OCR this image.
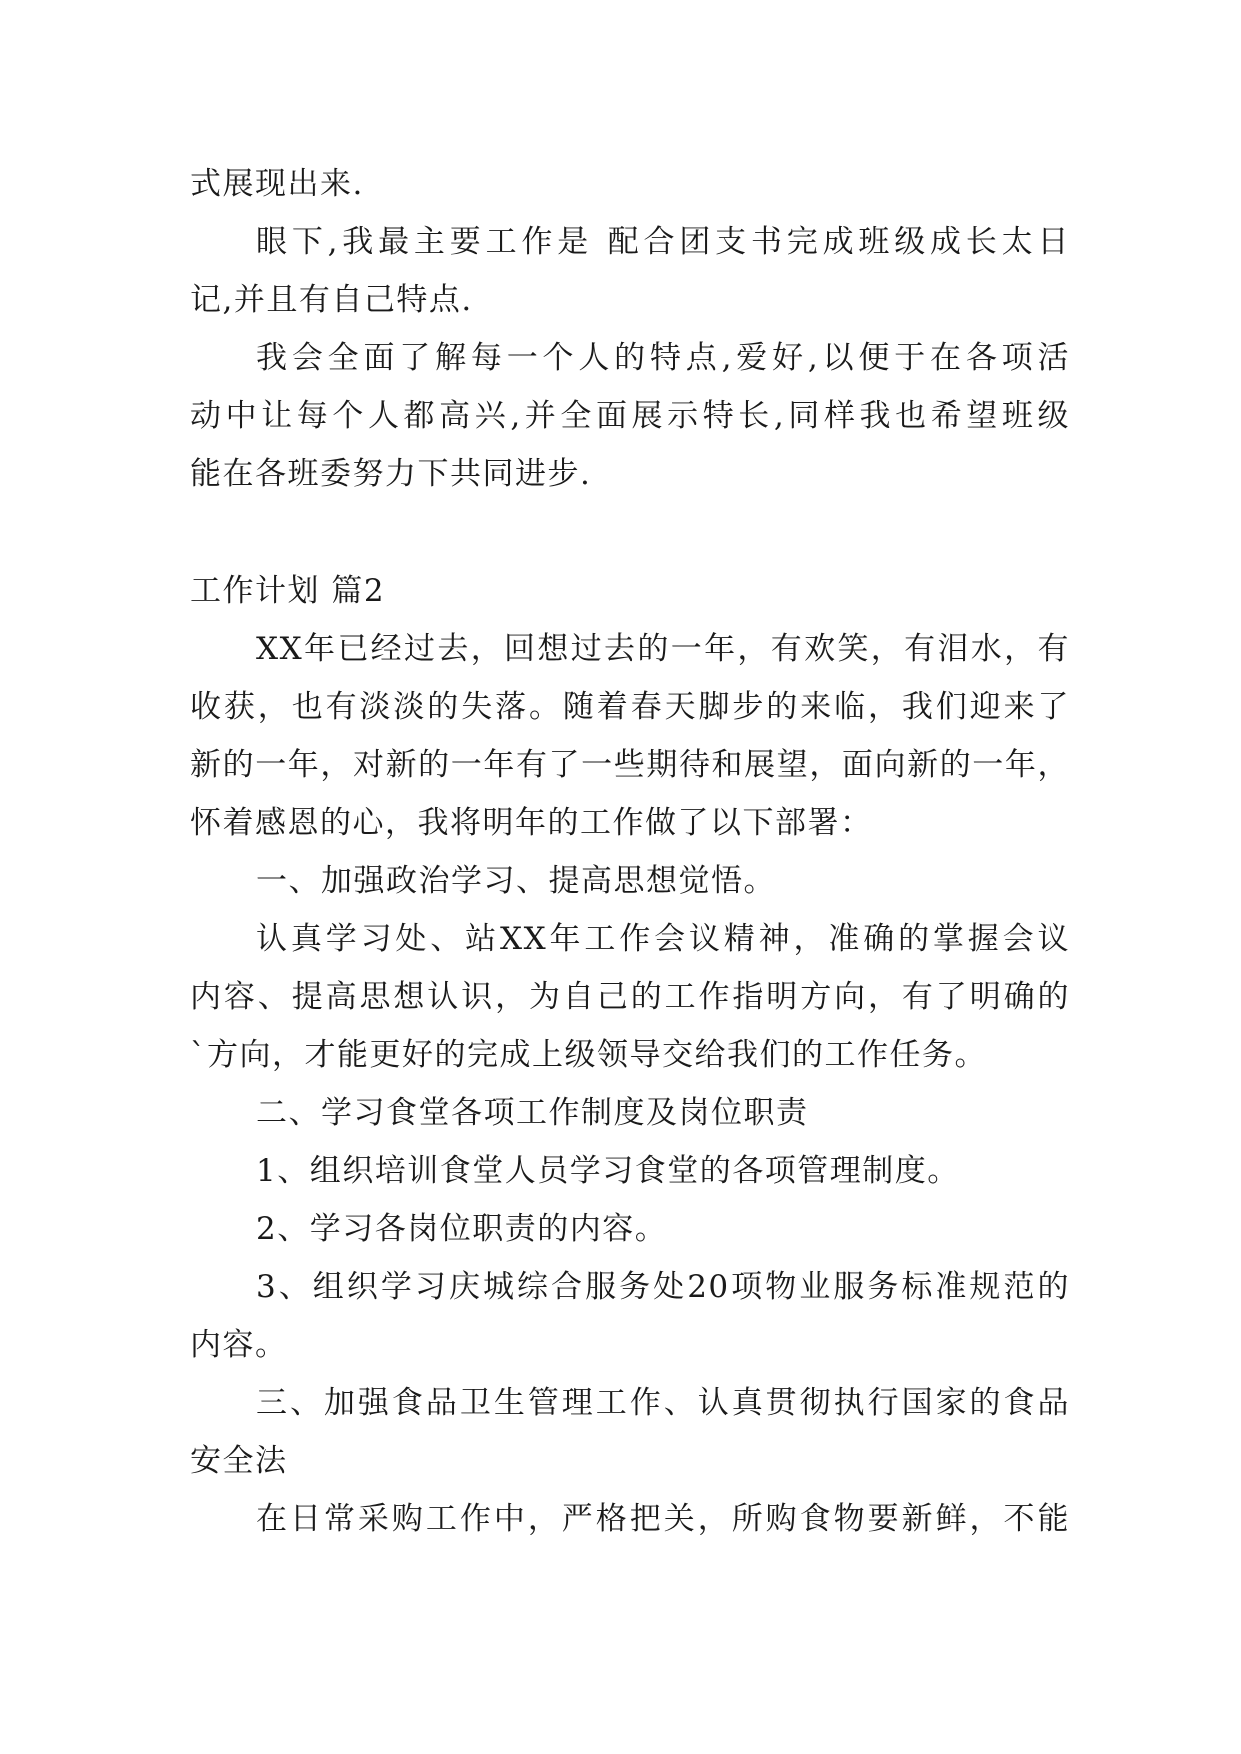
式展现出来.
眼下,我最主要工作是 配合团支书完成班级成长太日
记,并且有自己特点.
我会全面了解每一个人的特点,爱好,以便于在各项活
动中让每个人都高兴,并全面展示特长,同样我也希望班级
能在各班委努力下共同进步.
工作计划 篇2
XX年已经过去，回想过去的一年，有欢笑，有泪水，有
收获，也有淡淡的失落。随着春天脚步的来临，我们迎来了
新的一年，对新的一年有了一些期待和展望，面向新的一年，
怀着感恩的心，我将明年的工作做了以下部署：
一、加强政治学习、提高思想觉悟。
认真学习处、站XX年工作会议精神，准确的掌握会议
内容、提高思想认识，为自己的工作指明方向，有了明确的
`方向，才能更好的完成上级领导交给我们的工作任务。
二、学习食堂各项工作制度及岗位职责
1、组织培训食堂人员学习食堂的各项管理制度。
2、学习各岗位职责的内容。
3、组织学习庆城综合服务处20项物业服务标准规范的
内容。
三、加强食品卫生管理工作、认真贯彻执行国家的食品
安全法
在日常采购工作中，严格把关，所购食物要新鲜，不能
